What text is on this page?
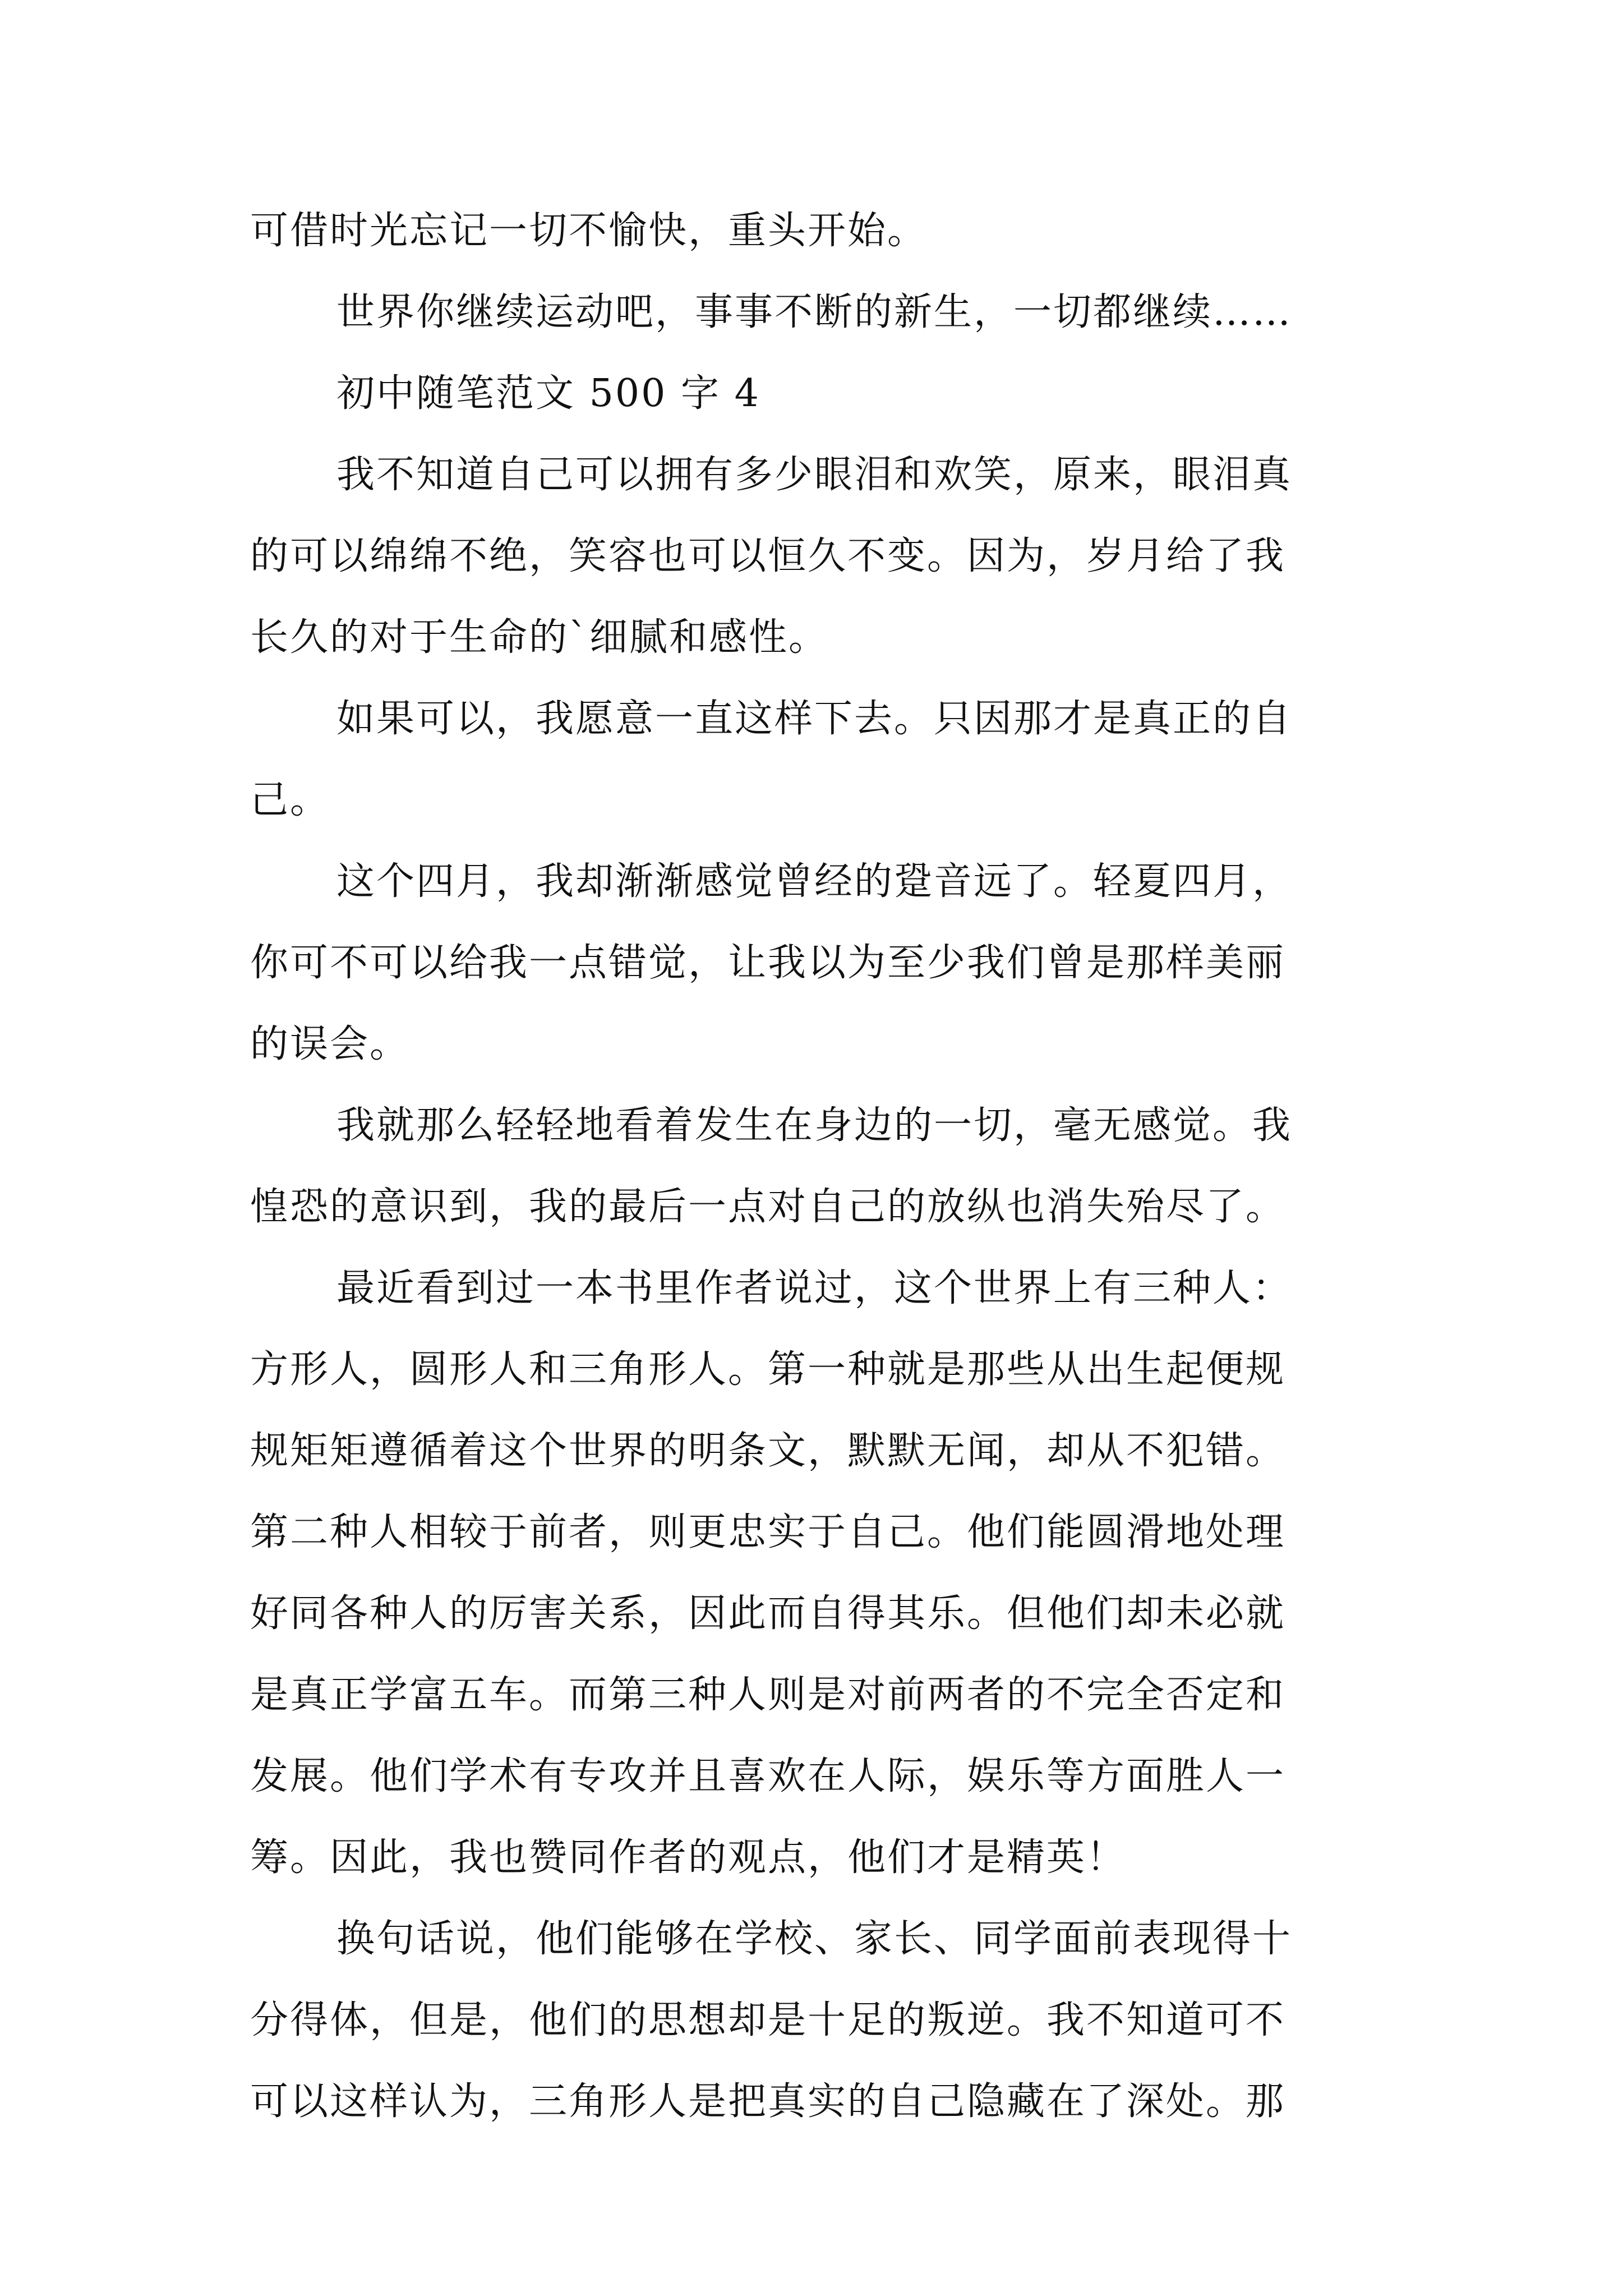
可借时光忘记一切不愉快，重头开始。
世界你继续运动吧，事事不断的新生，一切都继续……
初中随笔范文 500 字 4
我不知道自己可以拥有多少眼泪和欢笑，原来，眼泪真
的可以绵绵不绝，笑容也可以恒久不变。因为，岁月给了我
长久的对于生命的`细腻和感性。
如果可以，我愿意一直这样下去。只因那才是真正的自
己。
这个四月，我却渐渐感觉曾经的跫音远了。轻夏四月，
你可不可以给我一点错觉，让我以为至少我们曾是那样美丽
的误会。
我就那么轻轻地看着发生在身边的一切，毫无感觉。我
惶恐的意识到，我的最后一点对自己的放纵也消失殆尽了。
最近看到过一本书里作者说过，这个世界上有三种人：
方形人，圆形人和三角形人。第一种就是那些从出生起便规
规矩矩遵循着这个世界的明条文，默默无闻，却从不犯错。
第二种人相较于前者，则更忠实于自己。他们能圆滑地处理
好同各种人的厉害关系，因此而自得其乐。但他们却未必就
是真正学富五车。而第三种人则是对前两者的不完全否定和
发展。他们学术有专攻并且喜欢在人际，娱乐等方面胜人一
筹。因此，我也赞同作者的观点，他们才是精英！
换句话说，他们能够在学校、家长、同学面前表现得十
分得体，但是，他们的思想却是十足的叛逆。我不知道可不
可以这样认为，三角形人是把真实的自己隐藏在了深处。那
